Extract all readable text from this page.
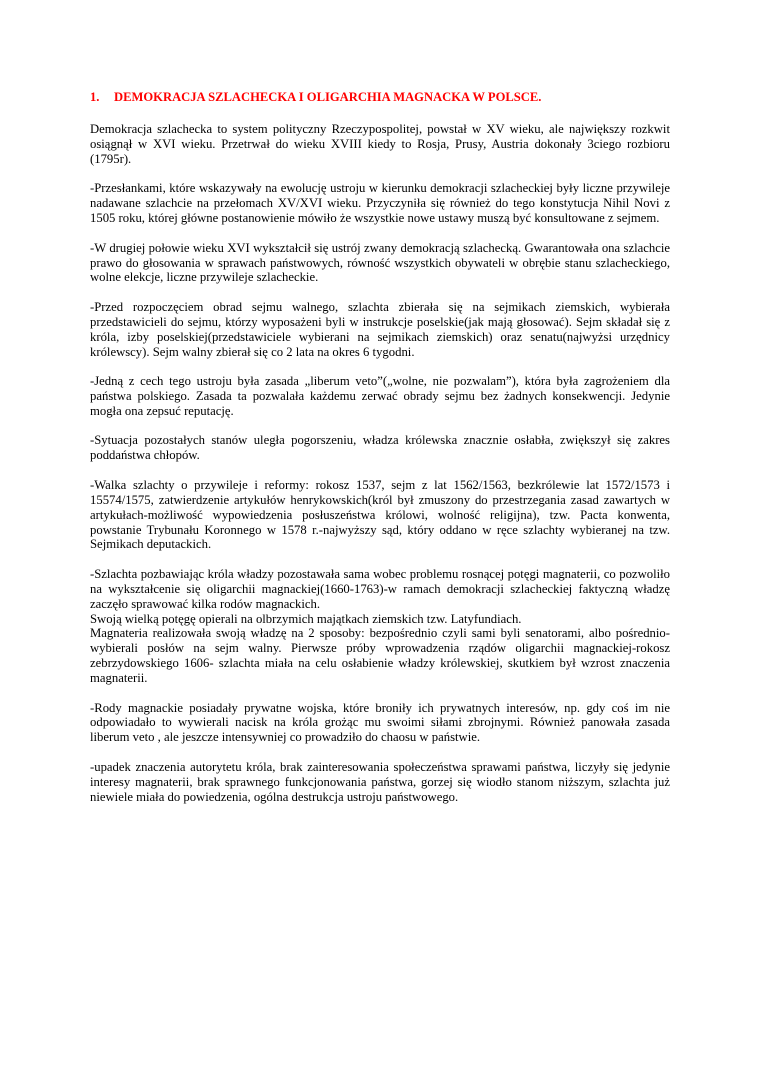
1.	DEMOKRACJA SZLACHECKA I OLIGARCHIA MAGNACKA W POLSCE.

Demokracja szlachecka to system polityczny Rzeczypospolitej, powstał w XV wieku, ale największy rozkwit osiągnął w XVI wieku. Przetrwał do wieku XVIII kiedy to Rosja, Prusy, Austria dokonały 3ciego rozbioru (1795r).

-Przesłankami, które wskazywały na ewolucję ustroju w kierunku demokracji szlacheckiej były liczne przywileje nadawane szlachcie na przełomach XV/XVI wieku. Przyczyniła się również do tego konstytucja Nihil Novi z 1505 roku, której główne postanowienie mówiło że wszystkie nowe ustawy muszą być konsultowane z sejmem.

-W drugiej połowie wieku XVI wykształcił się ustrój zwany demokracją szlachecką. Gwarantowała ona szlachcie prawo do głosowania w sprawach państwowych, równość wszystkich obywateli w obrębie stanu szlacheckiego, wolne elekcje, liczne przywileje szlacheckie.

-Przed rozpoczęciem obrad sejmu walnego, szlachta zbierała się na sejmikach ziemskich, wybierała przedstawicieli do sejmu, którzy wyposażeni byli w instrukcje poselskie(jak mają głosować). Sejm składał się z króla, izby poselskiej(przedstawiciele wybierani na sejmikach ziemskich) oraz senatu(najwyżsi urzędnicy królewscy). Sejm walny zbierał się co 2 lata na okres 6 tygodni.

-Jedną z cech tego ustroju była zasada „liberum veto”(„wolne, nie pozwalam”), która była zagrożeniem dla państwa polskiego. Zasada ta pozwalała każdemu zerwać obrady sejmu bez żadnych konsekwencji. Jedynie mogła ona zepsuć reputację.

-Sytuacja pozostałych stanów uległa pogorszeniu, władza królewska znacznie osłabła, zwiększył się zakres poddaństwa chłopów.

-Walka szlachty o przywileje i reformy: rokosz 1537, sejm z lat 1562/1563, bezkrólewie lat 1572/1573 i 15574/1575, zatwierdzenie artykułów henrykowskich(król był zmuszony do przestrzegania zasad zawartych w artykułach-możliwość wypowiedzenia posłuszeństwa królowi, wolność religijna), tzw. Pacta konwenta, powstanie Trybunału Koronnego w 1578 r.-najwyższy sąd, który oddano w ręce szlachty wybieranej na tzw. Sejmikach deputackich.

-Szlachta pozbawiając króla władzy pozostawała sama wobec problemu rosnącej potęgi magnaterii, co pozwoliło na wykształcenie się oligarchii magnackiej(1660-1763)-w ramach demokracji szlacheckiej faktyczną władzę zaczęło sprawować kilka rodów magnackich.

Swoją wielką potęgę opierali na olbrzymich majątkach ziemskich tzw. Latyfundiach.

Magnateria realizowała swoją władzę na 2 sposoby: bezpośrednio czyli sami byli senatorami, albo pośrednio-wybierali posłów na sejm walny. Pierwsze próby wprowadzenia rządów oligarchii magnackiej-rokosz zebrzydowskiego 1606- szlachta miała na celu osłabienie władzy królewskiej, skutkiem był wzrost znaczenia magnaterii.

-Rody magnackie posiadały prywatne wojska, które broniły ich prywatnych interesów, np. gdy coś im nie odpowiadało to wywierali nacisk na króla grożąc mu swoimi siłami zbrojnymi. Również panowała zasada liberum veto , ale jeszcze intensywniej co prowadziło do chaosu w państwie.

-upadek znaczenia autorytetu króla, brak zainteresowania społeczeństwa sprawami państwa, liczyły się jedynie interesy magnaterii, brak sprawnego funkcjonowania państwa, gorzej się wiodło stanom niższym, szlachta już niewiele miała do powiedzenia, ogólna destrukcja ustroju państwowego.
